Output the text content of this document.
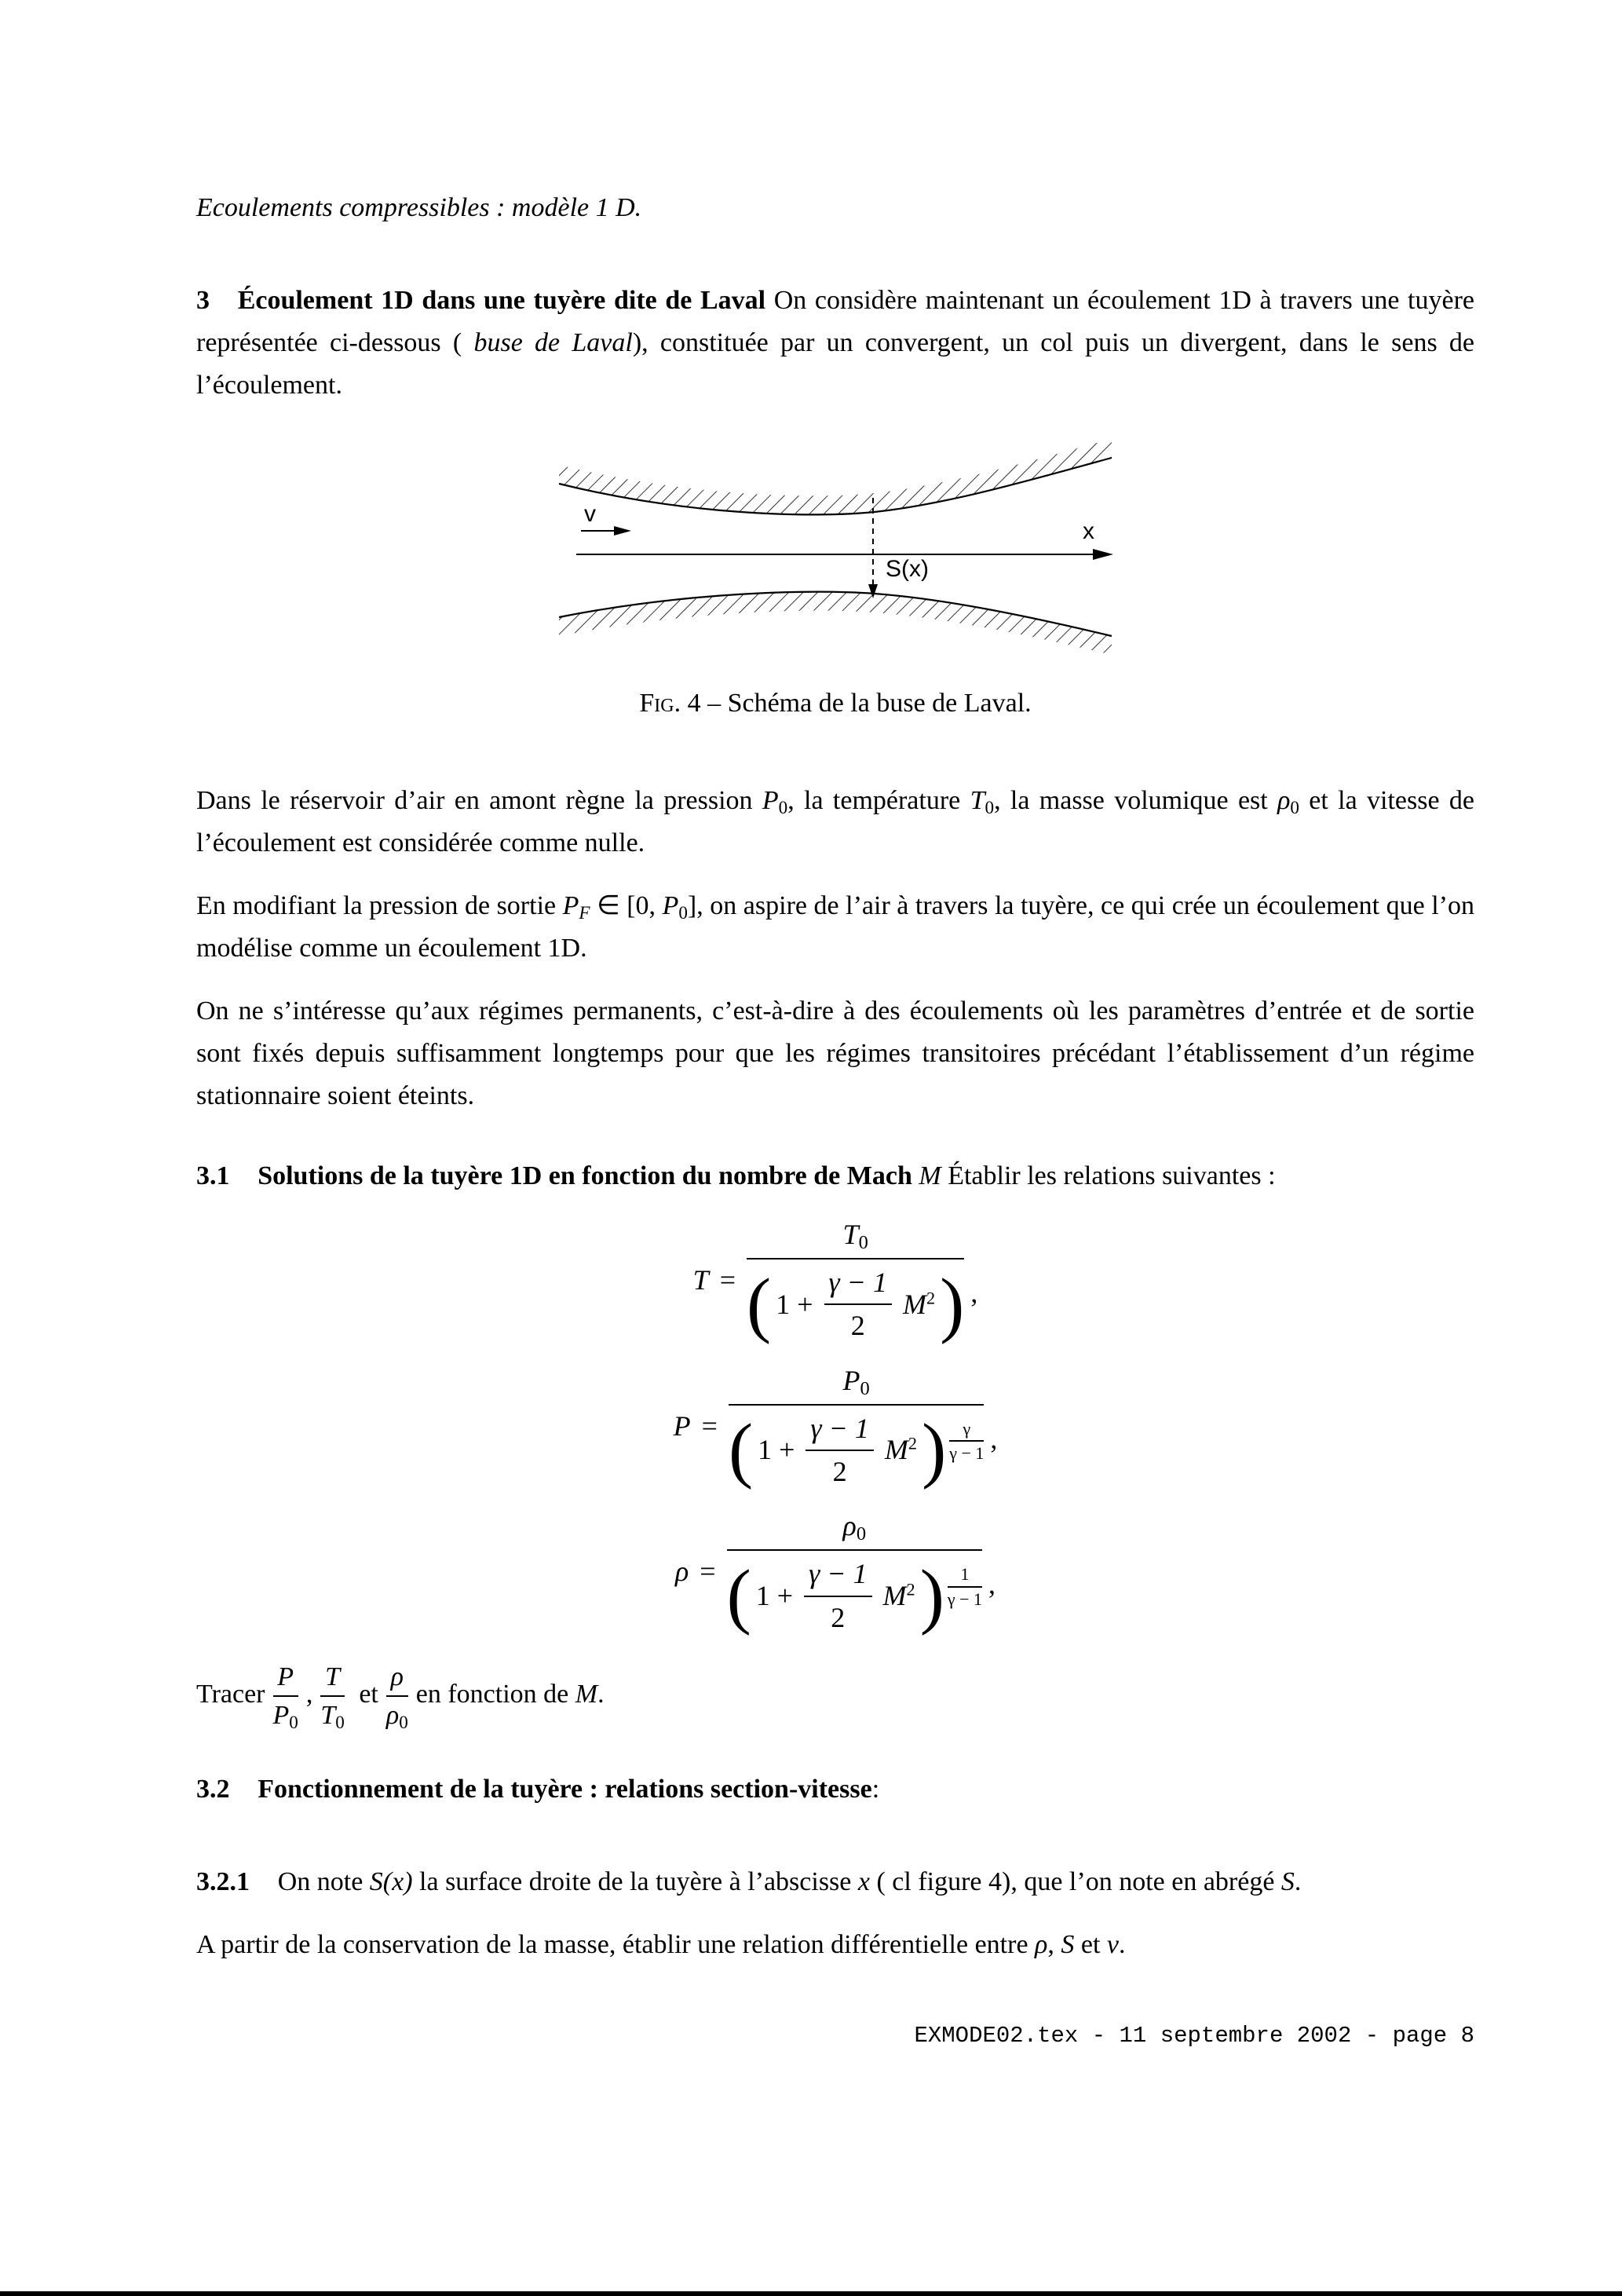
Ecoulements compressibles : modèle 1 D.

3 Écoulement 1D dans une tuyère dite de Laval On considère maintenant un écoulement 1D à travers une tuyère représentée ci-dessous ( buse de Laval), constituée par un convergent, un col puis un divergent, dans le sens de l’écoulement.

x
v
S(x)
Fig. 4 – Schéma de la buse de Laval.

Dans le réservoir d’air en amont règne la pression $P_0$, la température $T_0$, la masse volumique est $\rho_0$ et la vitesse de l’écoulement est considérée comme nulle.

En modifiant la pression de sortie $P_F$ ∈ [0, $P_0$], on aspire de l’air à travers la tuyère, ce qui crée un écoulement que l’on modélise comme un écoulement 1D.

On ne s’intéresse qu’aux régimes permanents, c’est-à-dire à des écoulements où les paramètres d’entrée et de sortie sont fixés depuis suffisamment longtemps pour que les régimes transitoires précédant l’établissement d’un régime stationnaire soient éteints.

3.1 Solutions de la tuyère 1D en fonction du nombre de Mach M Établir les relations suivantes :

$T = \frac{T_0}{( 1 + \frac{\gamma - 1}{2} M^2 )}$ ,
P =
$P_0$
( $1 + \frac{\gamma - 1}{2} M^2$ ) $\frac{\gamma}{\gamma - 1}$ ,
ρ =
$\rho_0$
( $1 + \frac{\gamma - 1}{2} M^2$ ) $\frac{1}{\gamma - 1}$ ,

Tracer $\frac{P}{P_0}$ , $\frac{T}{T_0}$ et $\frac{\rho}{\rho_0}$ en fonction de M.

3.2 Fonctionnement de la tuyère : relations section-vitesse:

3.2.1 On note S(x) la surface droite de la tuyère à l’abscisse x ( cl figure 4), que l’on note en abrégé S.

A partir de la conservation de la masse, établir une relation différentielle entre ρ, S et v.

EXMODE02.tex - 11 septembre 2002 - page 8
